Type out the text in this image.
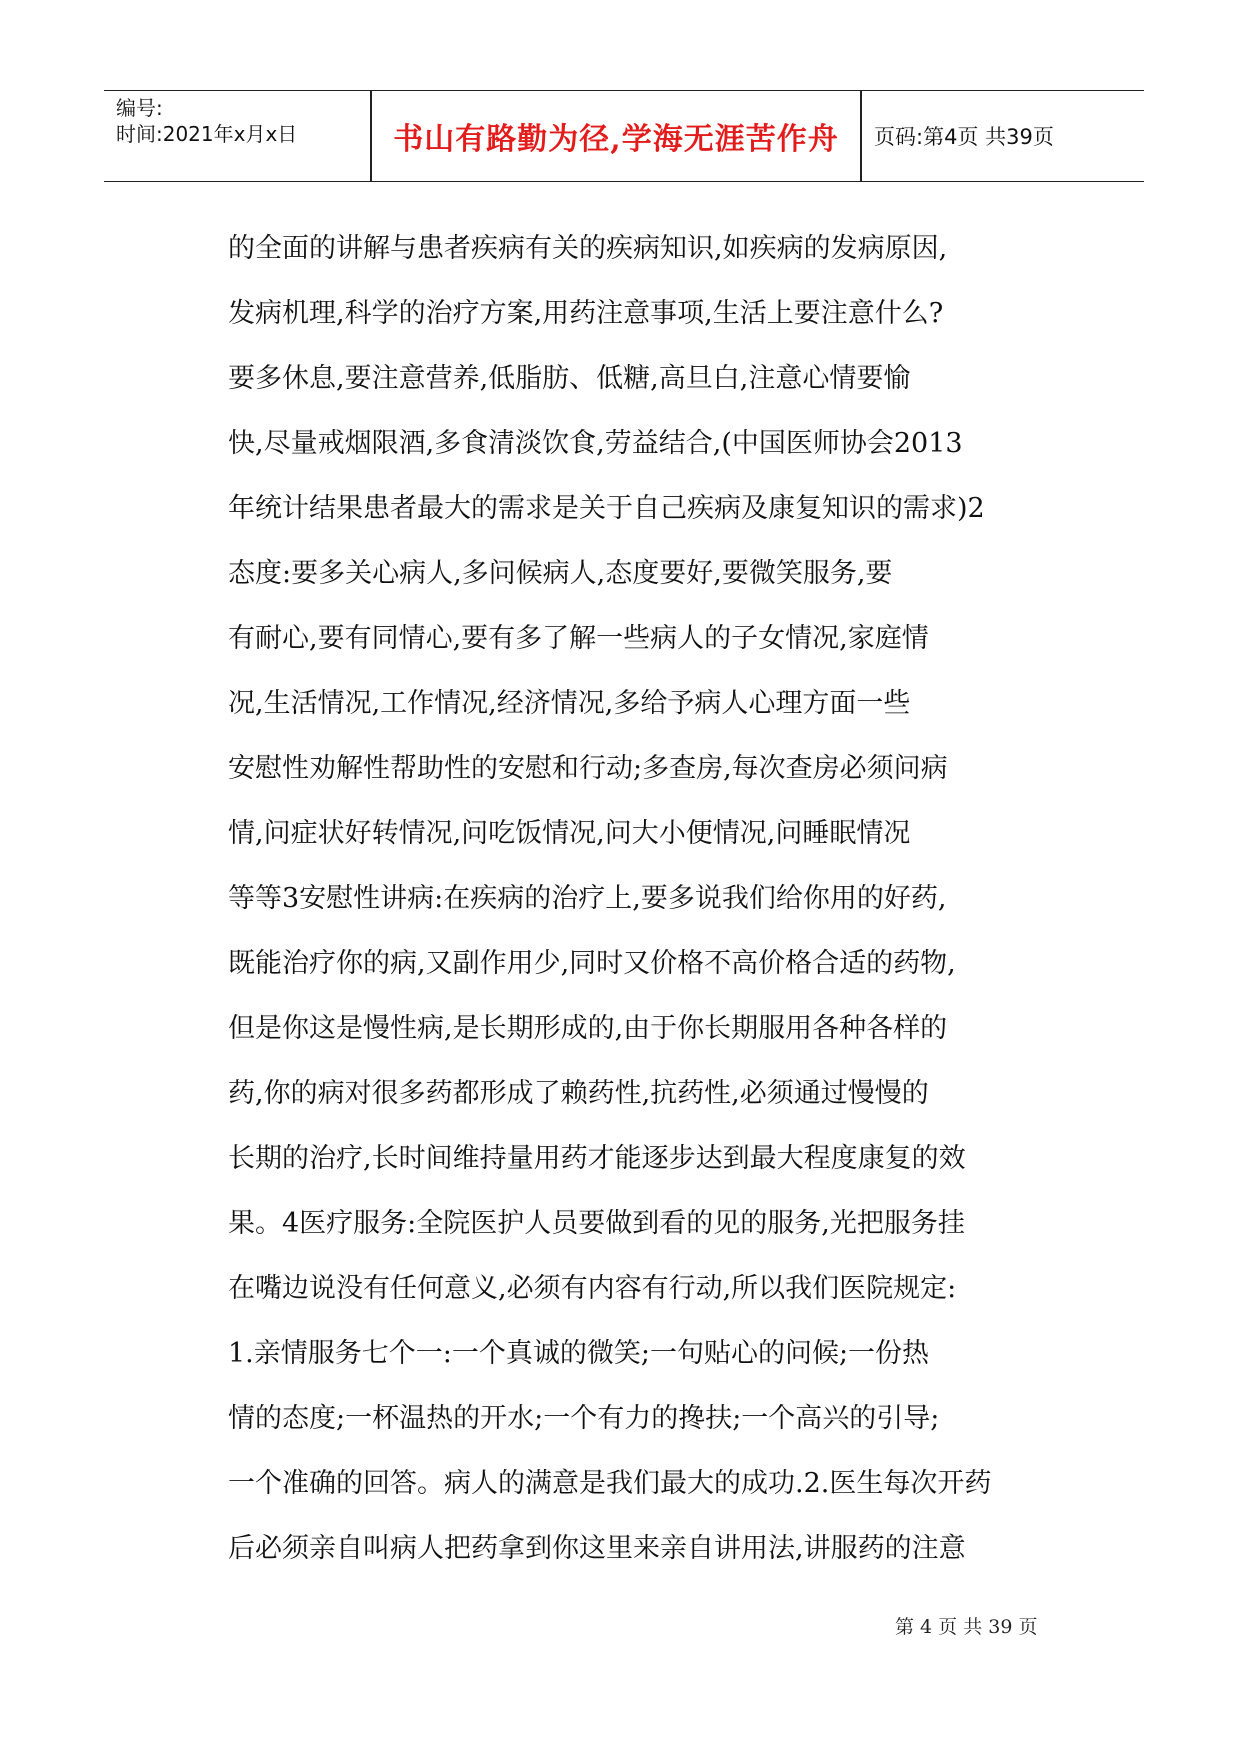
编号:
时间:2021年x月x日	书山有路勤为径,学海无涯苦作舟	页码:第4页 共39页
的全面的讲解与患者疾病有关的疾病知识,如疾病的发病原因,
发病机理,科学的治疗方案,用药注意事项,生活上要注意什么?
要多休息,要注意营养,低脂肪、低糖,高旦白,注意心情要愉
快,尽量戒烟限酒,多食清淡饮食,劳益结合,(中国医师协会2013
年统计结果患者最大的需求是关于自己疾病及康复知识的需求)2
态度:要多关心病人,多问候病人,态度要好,要微笑服务,要
有耐心,要有同情心,要有多了解一些病人的子女情况,家庭情
况,生活情况,工作情况,经济情况,多给予病人心理方面一些
安慰性劝解性帮助性的安慰和行动;多查房,每次查房必须问病
情,问症状好转情况,问吃饭情况,问大小便情况,问睡眠情况
等等3安慰性讲病:在疾病的治疗上,要多说我们给你用的好药,
既能治疗你的病,又副作用少,同时又价格不高价格合适的药物,
但是你这是慢性病,是长期形成的,由于你长期服用各种各样的
药,你的病对很多药都形成了赖药性,抗药性,必须通过慢慢的
长期的治疗,长时间维持量用药才能逐步达到最大程度康复的效
果。4医疗服务:全院医护人员要做到看的见的服务,光把服务挂
在嘴边说没有任何意义,必须有内容有行动,所以我们医院规定:
1.亲情服务七个一:一个真诚的微笑;一句贴心的问候;一份热
情的态度;一杯温热的开水;一个有力的搀扶;一个高兴的引导;
一个准确的回答。病人的满意是我们最大的成功.2.医生每次开药
后必须亲自叫病人把药拿到你这里来亲自讲用法,讲服药的注意
第 4 页 共 39 页
